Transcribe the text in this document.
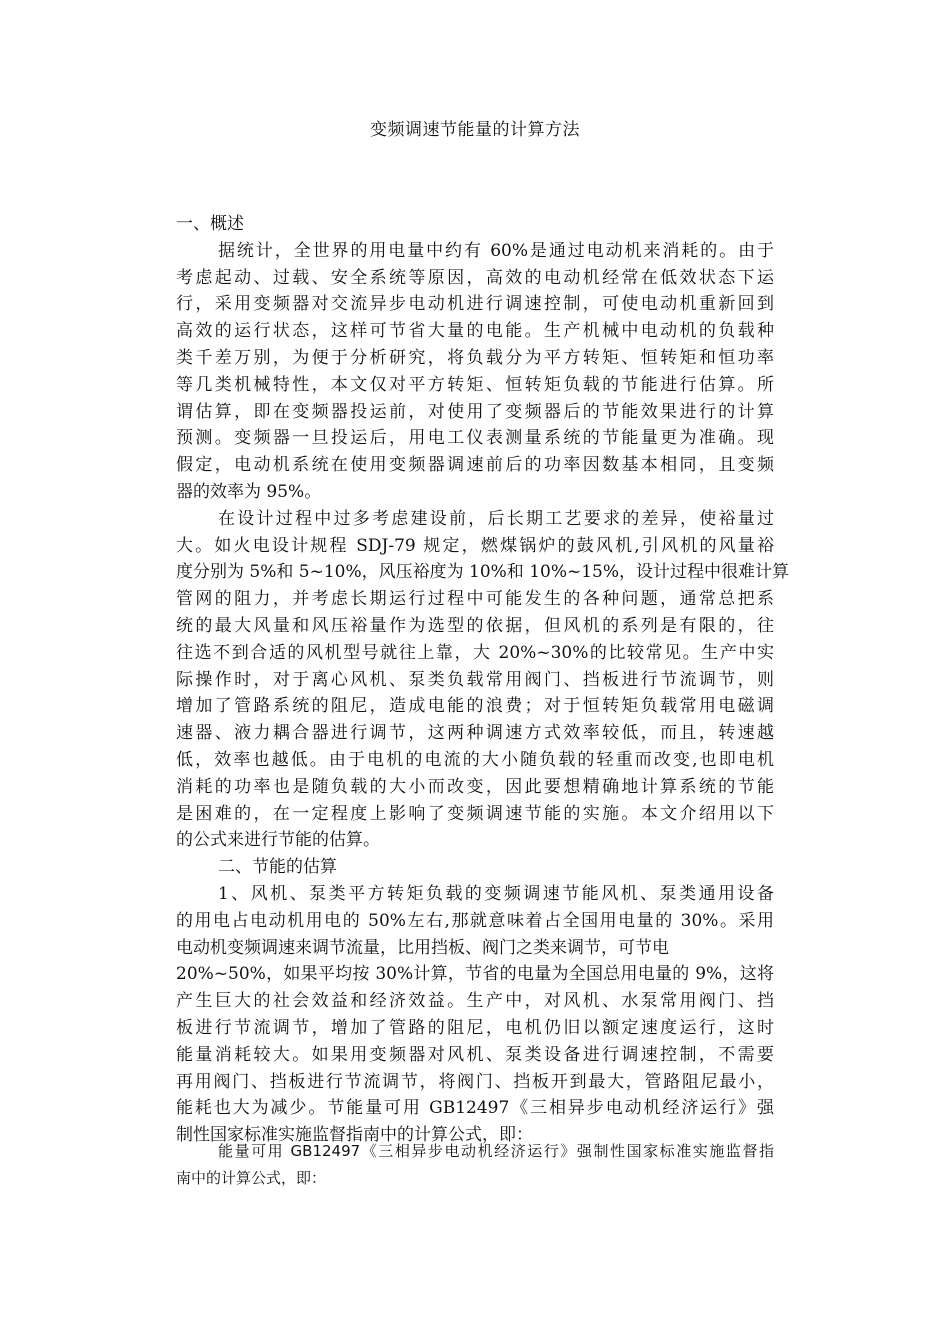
变频调速节能量的计算方法
一、概述
据统计，全世界的用电量中约有 60%是通过电动机来消耗的。由于
考虑起动、过载、安全系统等原因，高效的电动机经常在低效状态下运
行，采用变频器对交流异步电动机进行调速控制，可使电动机重新回到
高效的运行状态，这样可节省大量的电能。生产机械中电动机的负载种
类千差万别，为便于分析研究，将负载分为平方转矩、恒转矩和恒功率
等几类机械特性，本文仅对平方转矩、恒转矩负载的节能进行估算。所
谓估算，即在变频器投运前，对使用了变频器后的节能效果进行的计算
预测。变频器一旦投运后，用电工仪表测量系统的节能量更为准确。现
假定，电动机系统在使用变频器调速前后的功率因数基本相同，且变频
器的效率为 95%。
在设计过程中过多考虑建设前，后长期工艺要求的差异，使裕量过
大。如火电设计规程 SDJ-79 规定，燃煤锅炉的鼓风机,引风机的风量裕
度分别为 5%和 5~10%，风压裕度为 10%和 10%~15%，设计过程中很难计算
管网的阻力，并考虑长期运行过程中可能发生的各种问题，通常总把系
统的最大风量和风压裕量作为选型的依据，但风机的系列是有限的，往
往选不到合适的风机型号就往上靠，大 20%~30%的比较常见。生产中实
际操作时，对于离心风机、泵类负载常用阀门、挡板进行节流调节，则
增加了管路系统的阻尼，造成电能的浪费；对于恒转矩负载常用电磁调
速器、液力耦合器进行调节，这两种调速方式效率较低，而且，转速越
低，效率也越低。由于电机的电流的大小随负载的轻重而改变,也即电机
消耗的功率也是随负载的大小而改变，因此要想精确地计算系统的节能
是困难的，在一定程度上影响了变频调速节能的实施。本文介绍用以下
的公式来进行节能的估算。
二、节能的估算
1、风机、泵类平方转矩负载的变频调速节能风机、泵类通用设备
的用电占电动机用电的 50%左右,那就意味着占全国用电量的 30%。采用
电动机变频调速来调节流量，比用挡板、阀门之类来调节，可节电
20%~50%，如果平均按 30%计算，节省的电量为全国总用电量的 9%，这将
产生巨大的社会效益和经济效益。生产中，对风机、水泵常用阀门、挡
板进行节流调节，增加了管路的阻尼，电机仍旧以额定速度运行，这时
能量消耗较大。如果用变频器对风机、泵类设备进行调速控制，不需要
再用阀门、挡板进行节流调节，将阀门、挡板开到最大，管路阻尼最小，
能耗也大为减少。节能量可用 GB12497《三相异步电动机经济运行》强
制性国家标准实施监督指南中的计算公式，即：
能量可用 GB12497《三相异步电动机经济运行》强制性国家标准实施监督指
南中的计算公式，即：
